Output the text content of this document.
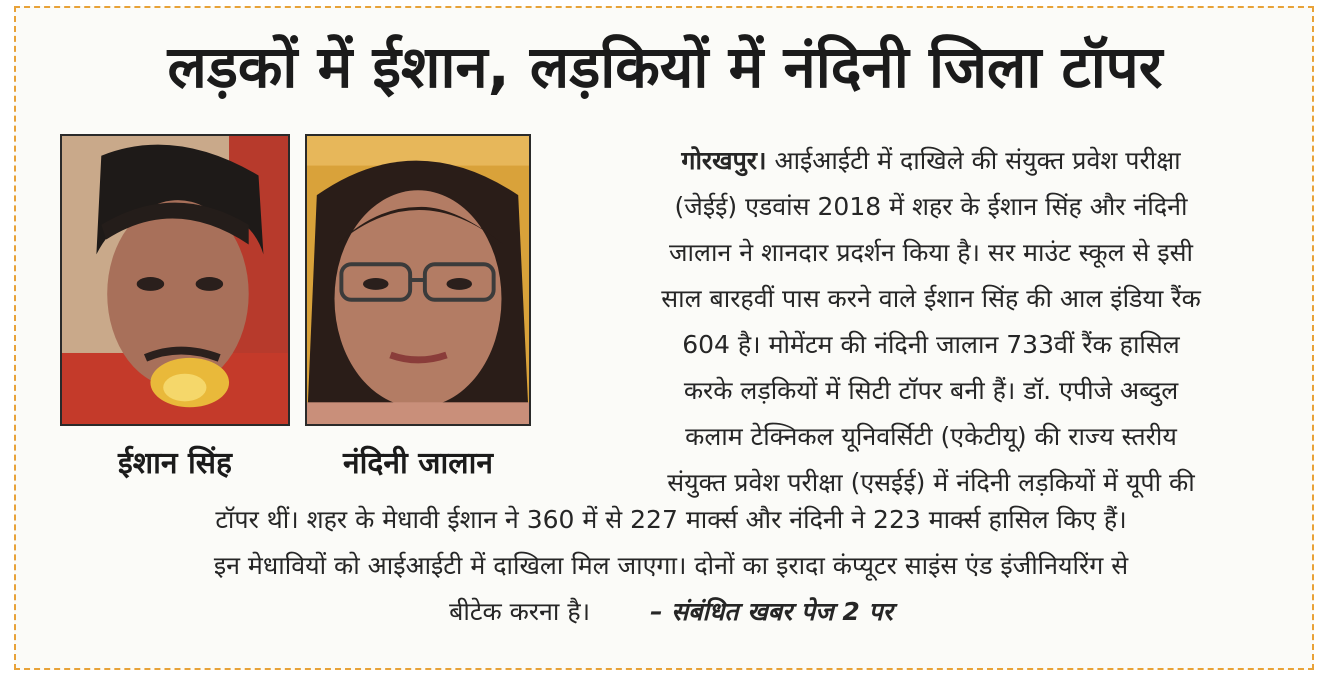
लड़कों में ईशान, लड़कियों में नंदिनी जिला टॉपर
ईशान सिंह	नंदिनी जालान
गोरखपुर। आईआईटी में दाखिले की संयुक्त प्रवेश परीक्षा
(जेईई) एडवांस 2018 में शहर के ईशान सिंह और नंदिनी
जालान ने शानदार प्रदर्शन किया है। सर माउंट स्कूल से इसी
साल बारहवीं पास करने वाले ईशान सिंह की आल इंडिया रैंक
604 है। मोमेंटम की नंदिनी जालान 733वीं रैंक हासिल
करके लड़कियों में सिटी टॉपर बनी हैं। डॉ. एपीजे अब्दुल
कलाम टेक्निकल यूनिवर्सिटी (एकेटीयू) की राज्य स्तरीय
संयुक्त प्रवेश परीक्षा (एसईई) में नंदिनी लड़कियों में यूपी की
टॉपर थीं। शहर के मेधावी ईशान ने 360 में से 227 मार्क्स और नंदिनी ने 223 मार्क्स हासिल किए हैं।
इन मेधावियों को आईआईटी में दाखिला मिल जाएगा। दोनों का इरादा कंप्यूटर साइंस एंड इंजीनियरिंग से
बीटेक करना है। – संबंधित खबर पेज 2 पर
